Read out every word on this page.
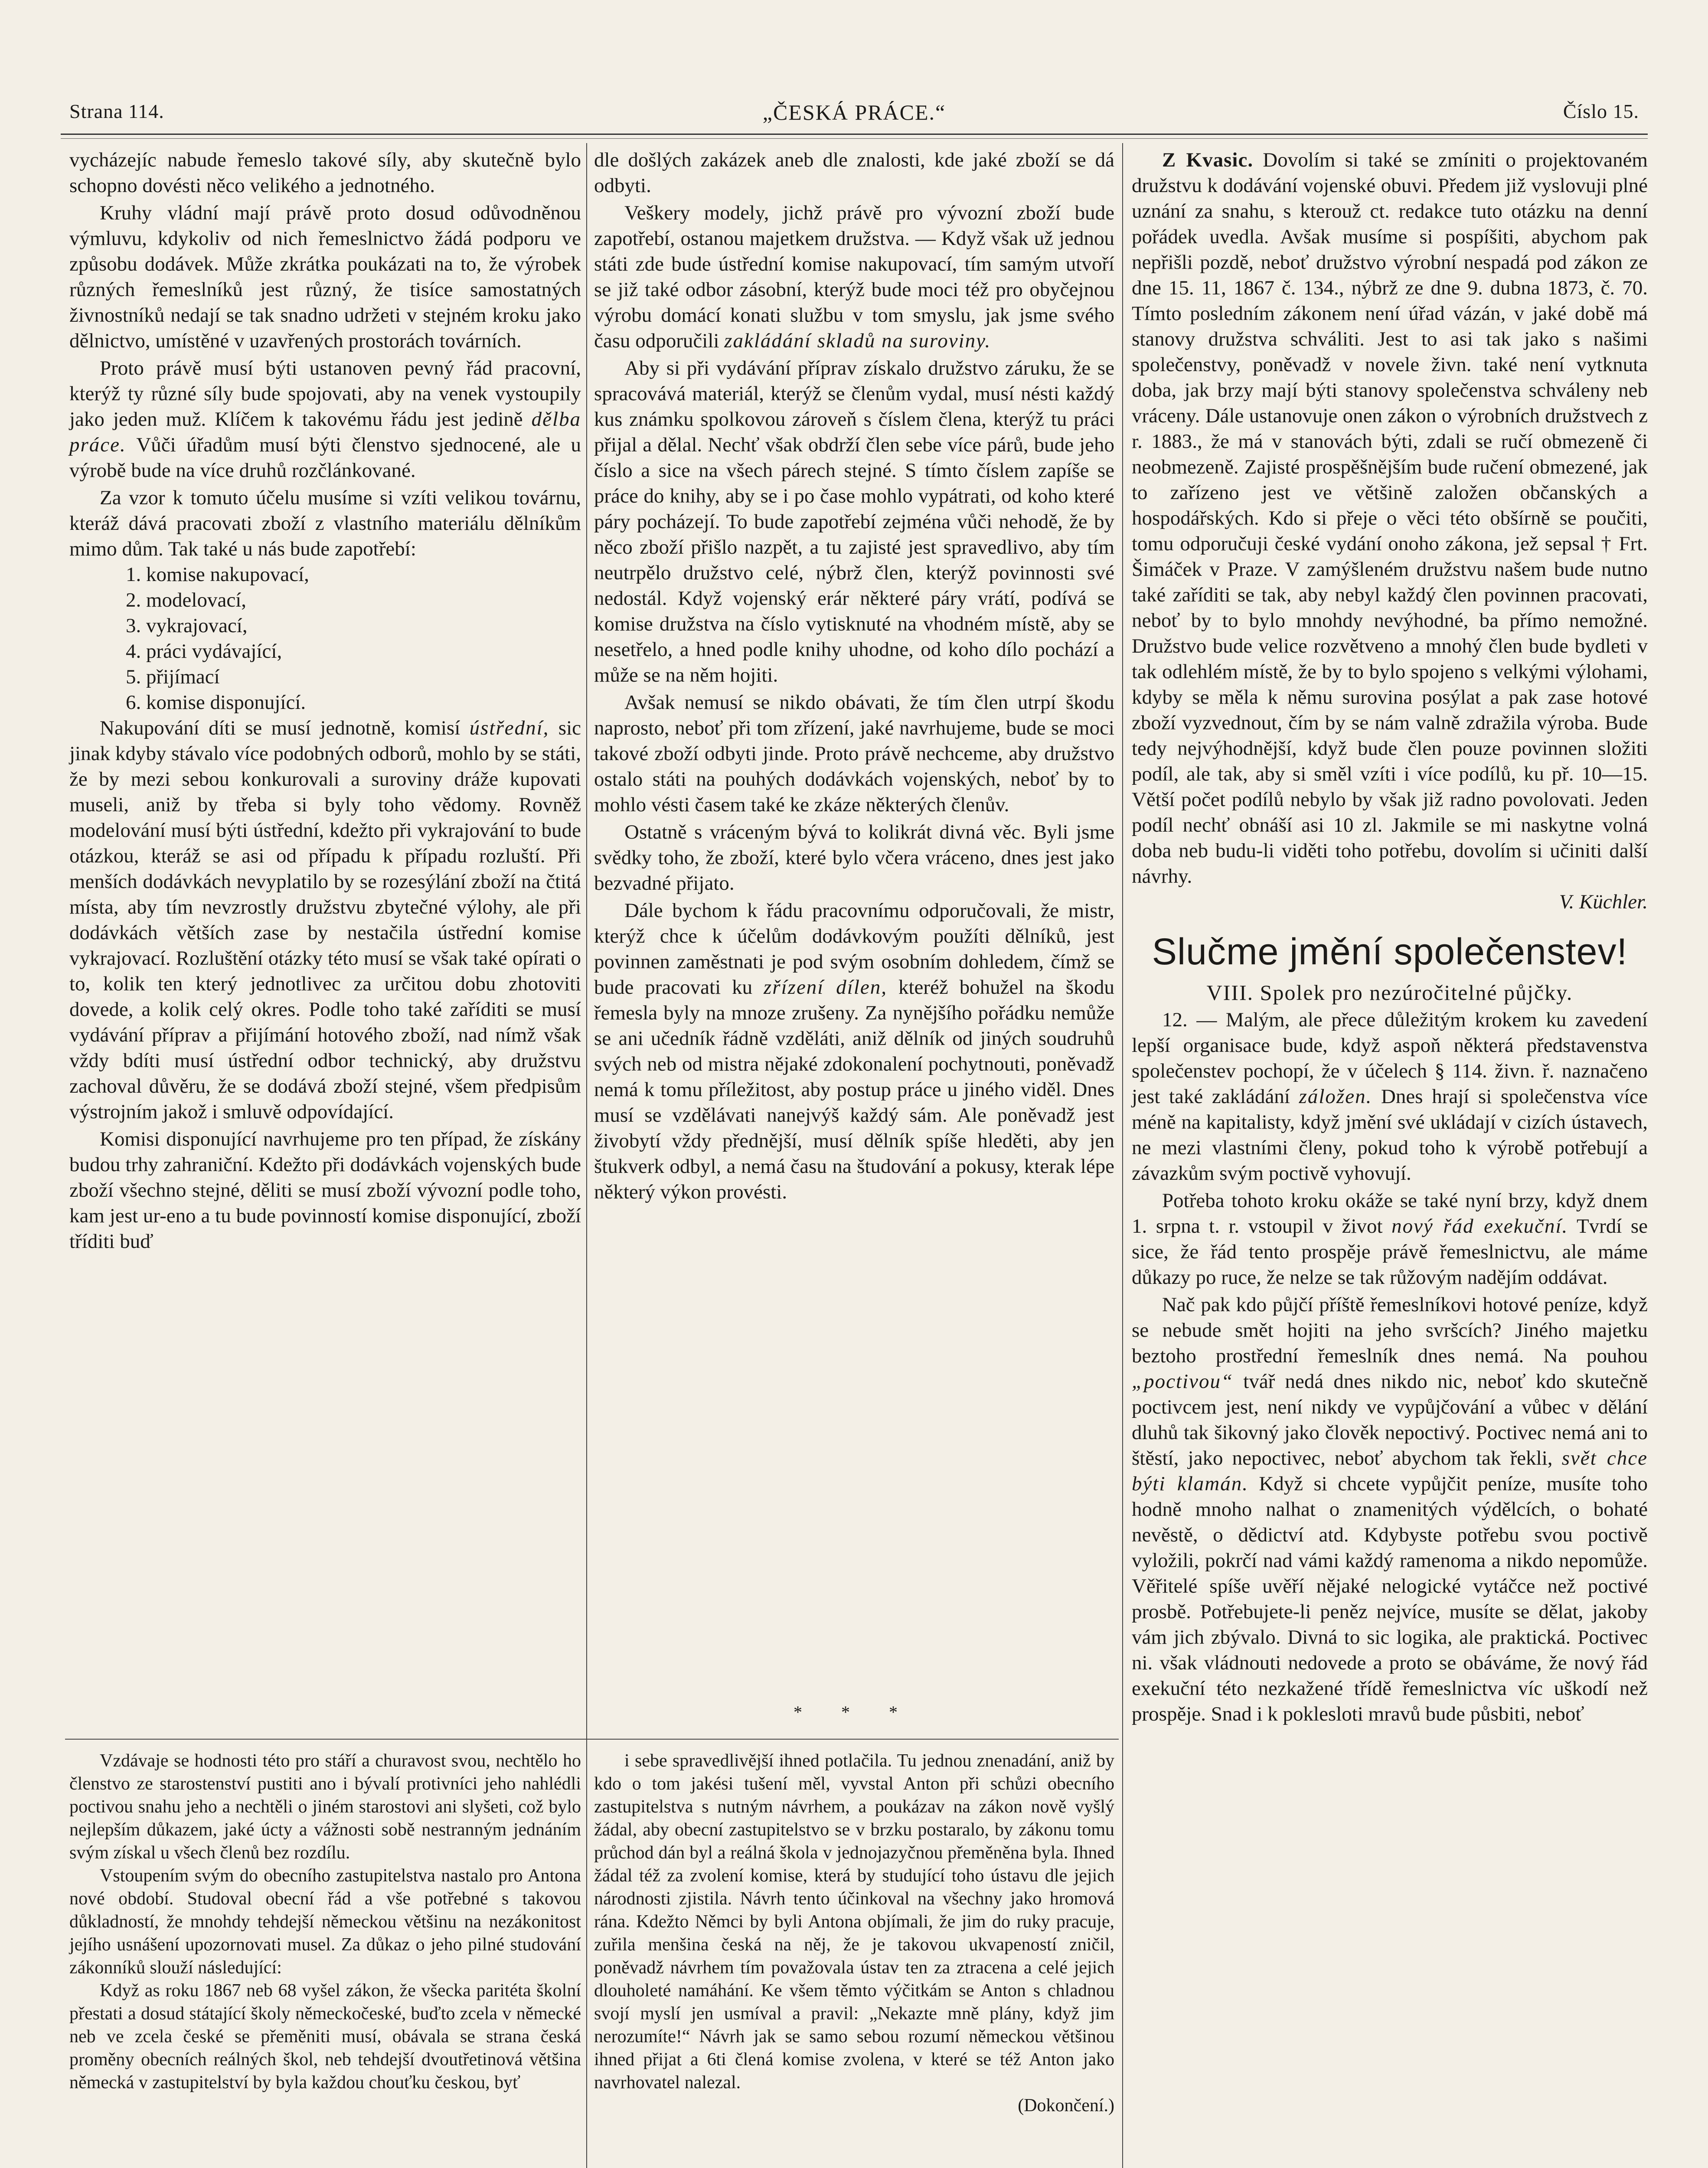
Strana 114.	„ČESKÁ PRÁCE.“	Číslo 15.

vycházejíc nabude řemeslo takové síly, aby skutečně bylo schopno dovésti něco velikého a jednotného.

Kruhy vládní mají právě proto dosud odůvodněnou výmluvu, kdykoliv od nich řemeslnictvo žádá podporu ve způsobu dodávek. Může zkrátka poukázati na to, že výrobek různých řemeslníků jest různý, že tisíce samostatných živnostníků nedají se tak snadno udržeti v stejném kroku jako dělnictvo, umístěné v uzavřených prostorách továrních.

Proto právě musí býti ustanoven pevný řád pracovní, kterýž ty různé síly bude spojovati, aby na venek vystoupily jako jeden muž. Klíčem k takovému řádu jest jedině dělba práce. Vůči úřadům musí býti členstvo sjednocené, ale u výrobě bude na více druhů rozčlánkované.

Za vzor k tomuto účelu musíme si vzíti velikou továrnu, kteráž dává pracovati zboží z vlastního materiálu dělníkům mimo dům. Tak také u nás bude zapotřebí:

1. komise nakupovací,
2. modelovací,
3. vykrajovací,
4. práci vydávající,
5. přijímací
6. komise disponující.

Nakupování díti se musí jednotně, komisí ústřední, sic jinak kdyby stávalo více podobných odborů, mohlo by se státi, že by mezi sebou konkurovali a suroviny dráže kupovati museli, aniž by třeba si byly toho vědomy. Rovněž modelování musí býti ústřední, kdežto při vykrajování to bude otázkou, kteráž se asi od případu k případu rozluští. Při menších dodávkách nevyplatilo by se rozesýlání zboží na čtitá místa, aby tím nevzrostly družstvu zbytečné výlohy, ale při dodávkách větších zase by nestačila ústřední komise vykrajovací. Rozluštění otázky této musí se však také opírati o to, kolik ten který jednotlivec za určitou dobu zhotoviti dovede, a kolik celý okres. Podle toho také zaříditi se musí vydávání příprav a přijímání hotového zboží, nad nímž však vždy bdíti musí ústřední odbor technický, aby družstvu zachoval důvěru, že se dodává zboží stejné, všem předpisům výstrojním jakož i smluvě odpovídající.

Komisi disponující navrhujeme pro ten případ, že získány budou trhy zahraniční. Kdežto při dodávkách vojenských bude zboží všechno stejné, děliti se musí zboží vývozní podle toho, kam jest ur-eno a tu bude povinností komise disponující, zboží tříditi buď

dle došlých zakázek aneb dle znalosti, kde jaké zboží se dá odbyti.

Veškery modely, jichž právě pro vývozní zboží bude zapotřebí, ostanou majetkem družstva. — Když však už jednou státi zde bude ústřední komise nakupovací, tím samým utvoří se již také odbor zásobní, kterýž bude moci též pro obyčejnou výrobu domácí konati službu v tom smyslu, jak jsme svého času odporučili zakládání skladů na suroviny.

Aby si při vydávání příprav získalo družstvo záruku, že se spracovává materiál, kterýž se členům vydal, musí nésti každý kus známku spolkovou zároveň s číslem člena, kterýž tu práci přijal a dělal. Nechť však obdrží člen sebe více párů, bude jeho číslo a sice na všech párech stejné. S tímto číslem zapíše se práce do knihy, aby se i po čase mohlo vypátrati, od koho které páry pocházejí. To bude zapotřebí zejména vůči nehodě, že by něco zboží přišlo nazpět, a tu zajisté jest spravedlivo, aby tím neutrpělo družstvo celé, nýbrž člen, kterýž povinnosti své nedostál. Když vojenský erár některé páry vrátí, podívá se komise družstva na číslo vytisknuté na vhodném místě, aby se nesetřelo, a hned podle knihy uhodne, od koho dílo pochází a může se na něm hojiti.

Avšak nemusí se nikdo obávati, že tím člen utrpí škodu naprosto, neboť při tom zřízení, jaké navrhujeme, bude se moci takové zboží odbyti jinde. Proto právě nechceme, aby družstvo ostalo státi na pouhých dodávkách vojenských, neboť by to mohlo vésti časem také ke zkáze některých členův.

Ostatně s vráceným bývá to kolikrát divná věc. Byli jsme svědky toho, že zboží, které bylo včera vráceno, dnes jest jako bezvadné přijato.

Dále bychom k řádu pracovnímu odporučovali, že mistr, kterýž chce k účelům dodávkovým použíti dělníků, jest povinnen zaměstnati je pod svým osobním dohledem, čímž se bude pracovati ku zřízení dílen, kteréž bohužel na škodu řemesla byly na mnoze zrušeny. Za nynějšího pořádku nemůže se ani učedník řádně vzděláti, aniž dělník od jiných soudruhů svých neb od mistra nějaké zdokonalení pochytnouti, poněvadž nemá k tomu příležitost, aby postup práce u jiného viděl. Dnes musí se vzdělávati nanejvýš každý sám. Ale poněvadž jest živobytí vždy přednější, musí dělník spíše hleděti, aby jen štukverk odbyl, a nemá času na študování a pokusy, kterak lépe některý výkon provésti.

* * *

Z Kvasic. Dovolím si také se zmíniti o projektovaném družstvu k dodávání vojenské obuvi. Předem již vyslovuji plné uznání za snahu, s kterouž ct. redakce tuto otázku na denní pořádek uvedla. Avšak musíme si pospíšiti, abychom pak nepřišli pozdě, neboť družstvo výrobní nespadá pod zákon ze dne 15. 11, 1867 č. 134., nýbrž ze dne 9. dubna 1873, č. 70. Tímto posledním zákonem není úřad vázán, v jaké době má stanovy družstva schváliti. Jest to asi tak jako s našimi společenstvy, poněvadž v novele živn. také není vytknuta doba, jak brzy mají býti stanovy společenstva schváleny neb vráceny. Dále ustanovuje onen zákon o výrobních družstvech z r. 1883., že má v stanovách býti, zdali se ručí obmezeně či neobmezeně. Zajisté prospěšnějším bude ručení obmezené, jak to zařízeno jest ve většině založen občanských a hospodářských. Kdo si přeje o věci této obšírně se poučiti, tomu odporučuji české vydání onoho zákona, jež sepsal † Frt. Šimáček v Praze. V zamýšleném družstvu našem bude nutno také zaříditi se tak, aby nebyl každý člen povinnen pracovati, neboť by to bylo mnohdy nevýhodné, ba přímo nemožné. Družstvo bude velice rozvětveno a mnohý člen bude bydleti v tak odlehlém místě, že by to bylo spojeno s velkými výlohami, kdyby se měla k němu surovina posýlat a pak zase hotové zboží vyzvednout, čím by se nám valně zdražila výroba. Bude tedy nejvýhodnější, když bude člen pouze povinnen složiti podíl, ale tak, aby si směl vzíti i více podílů, ku př. 10—15. Větší počet podílů nebylo by však již radno povolovati. Jeden podíl nechť obnáší asi 10 zl. Jakmile se mi naskytne volná doba neb budu-li viděti toho potřebu, dovolím si učiniti další návrhy.

V. Küchler.
Slučme jmění společenstev!

VIII. Spolek pro nezúročitelné půjčky.

12. — Malým, ale přece důležitým krokem ku zavedení lepší organisace bude, když aspoň některá představenstva společenstev pochopí, že v účelech § 114. živn. ř. naznačeno jest také zakládání záložen. Dnes hrají si společenstva více méně na kapitalisty, když jmění své ukládají v cizích ústavech, ne mezi vlastními členy, pokud toho k výrobě potřebují a závazkům svým poctivě vyhovují.

Potřeba tohoto kroku okáže se také nyní brzy, když dnem 1. srpna t. r. vstoupil v život nový řád exekuční. Tvrdí se sice, že řád tento prospěje právě řemeslnictvu, ale máme důkazy po ruce, že nelze se tak růžovým nadějím oddávat.

Nač pak kdo půjčí příště řemeslníkovi hotové peníze, když se nebude smět hojiti na jeho svršcích? Jiného majetku beztoho prostřední řemeslník dnes nemá. Na pouhou „poctivou“ tvář nedá dnes nikdo nic, neboť kdo skutečně poctivcem jest, není nikdy ve vypůjčování a vůbec v dělání dluhů tak šikovný jako člověk nepoctivý. Poctivec nemá ani to štěstí, jako nepoctivec, neboť abychom tak řekli, svět chce býti klamán. Když si chcete vypůjčit peníze, musíte toho hodně mnoho nalhat o znamenitých výdělcích, o bohaté nevěstě, o dědictví atd. Kdybyste potřebu svou poctivě vyložili, pokrčí nad vámi každý ramenoma a nikdo nepomůže. Věřitelé spíše uvěří nějaké nelogické vytáčce než poctivé prosbě. Potřebujete-li peněz nejvíce, musíte se dělat, jakoby vám jich zbývalo. Divná to sic logika, ale praktická. Poctivec ni. však vládnouti nedovede a proto se obáváme, že nový řád exekuční této nezkažené třídě řemeslnictva víc uškodí než prospěje. Snad i k poklesloti mravů bude půsbiti, neboť

Vzdávaje se hodnosti této pro stáří a churavost svou, nechtělo ho členstvo ze starostenství pustiti ano i bývalí protivníci jeho nahlédli poctivou snahu jeho a nechtěli o jiném starostovi ani slyšeti, což bylo nejlepším důkazem, jaké úcty a vážnosti sobě nestranným jednáním svým získal u všech členů bez rozdílu.

Vstoupením svým do obecního zastupitelstva nastalo pro Antona nové období. Studoval obecní řád a vše potřebné s takovou důkladností, že mnohdy tehdejší německou většinu na nezákonitost jejího usnášení upozornovati musel. Za důkaz o jeho pilné studování zákonníků slouží následující:

Když as roku 1867 neb 68 vyšel zákon, že všecka paritéta školní přestati a dosud státající školy německočeské, buďto zcela v německé neb ve zcela české se přeměniti musí, obávala se strana česká proměny obecních reálných škol, neb tehdejší dvoutřetinová většina německá v zastupitelství by byla každou chouťku českou, byť

i sebe spravedlivější ihned potlačila. Tu jednou znenadání, aniž by kdo o tom jakési tušení měl, vyvstal Anton při schůzi obecního zastupitelstva s nutným návrhem, a poukázav na zákon nově vyšlý žádal, aby obecní zastupitelstvo se v brzku postaralo, by zákonu tomu průchod dán byl a reálná škola v jednojazyčnou přeměněna byla. Ihned žádal též za zvolení komise, která by studující toho ústavu dle jejich národnosti zjistila. Návrh tento účinkoval na všechny jako hromová rána. Kdežto Němci by byli Antona objímali, že jim do ruky pracuje, zuřila menšina česká na něj, že je takovou ukvapeností zničil, poněvadž návrhem tím považovala ústav ten za ztracena a celé jejich dlouholeté namáhání. Ke všem těmto výčitkám se Anton s chladnou svojí myslí jen usmíval a pravil: „Nekazte mně plány, když jim nerozumíte!“ Návrh jak se samo sebou rozumí německou většinou ihned přijat a 6ti člená komise zvolena, v které se též Anton jako navrhovatel nalezal.

(Dokončení.)
